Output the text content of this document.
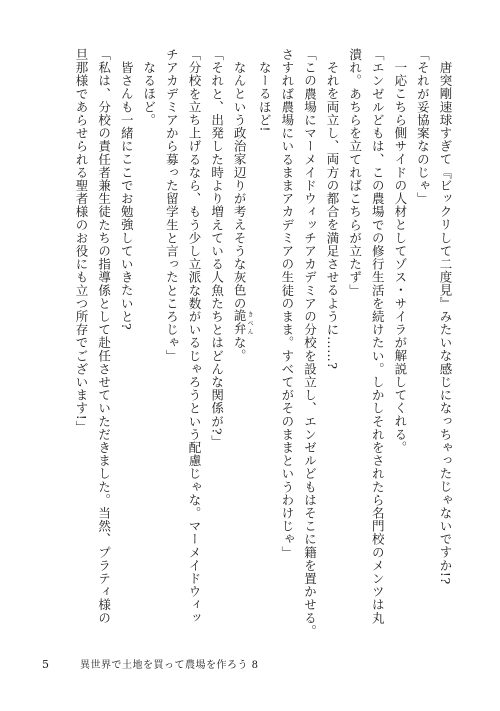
唐突剛速球すぎて『ビックリして二度見』みたいな感じになっちゃったじゃないですか!?

「それが妥協案なのじゃ」

一応こちら側サイドの人材としてゾス・サイラが解説してくれる。

「エンゼルどもは、この農場での修行生活を続けたい。しかしそれをされたら名門校のメンツは丸

潰れ。あちらを立てればこちらが立たず」

それを両立し、両方の都合を満足させるように……?

「この農場にマーメイドウィッチアカデミアの分校を設立し、エンゼルどもはそこに籍を置かせる。

さすれば農場にいるままアカデミアの生徒のまま。すべてがそのままというわけじゃ」

なーるほど!

なんという政治家辺りが考えそうな灰色の詭弁 きべんな。

「それと、出発した時より増えている人魚たちとはどんな関係が?」

「分校を立ち上げるなら、もう少し立派な数がいるじゃろうという配慮じゃな。マーメイドウィッ

チアカデミアから募った留学生と言ったところじゃ」

なるほど。

皆さんも一緒にここでお勉強していきたいと?

「私は、分校の責任者兼生徒たちの指導係として赴任させていただきました。当然、プラティ様の

旦那様であらせられる聖者様のお役にも立つ所存でございます!」

5	異世界で土地を買って農場を作ろう 8
